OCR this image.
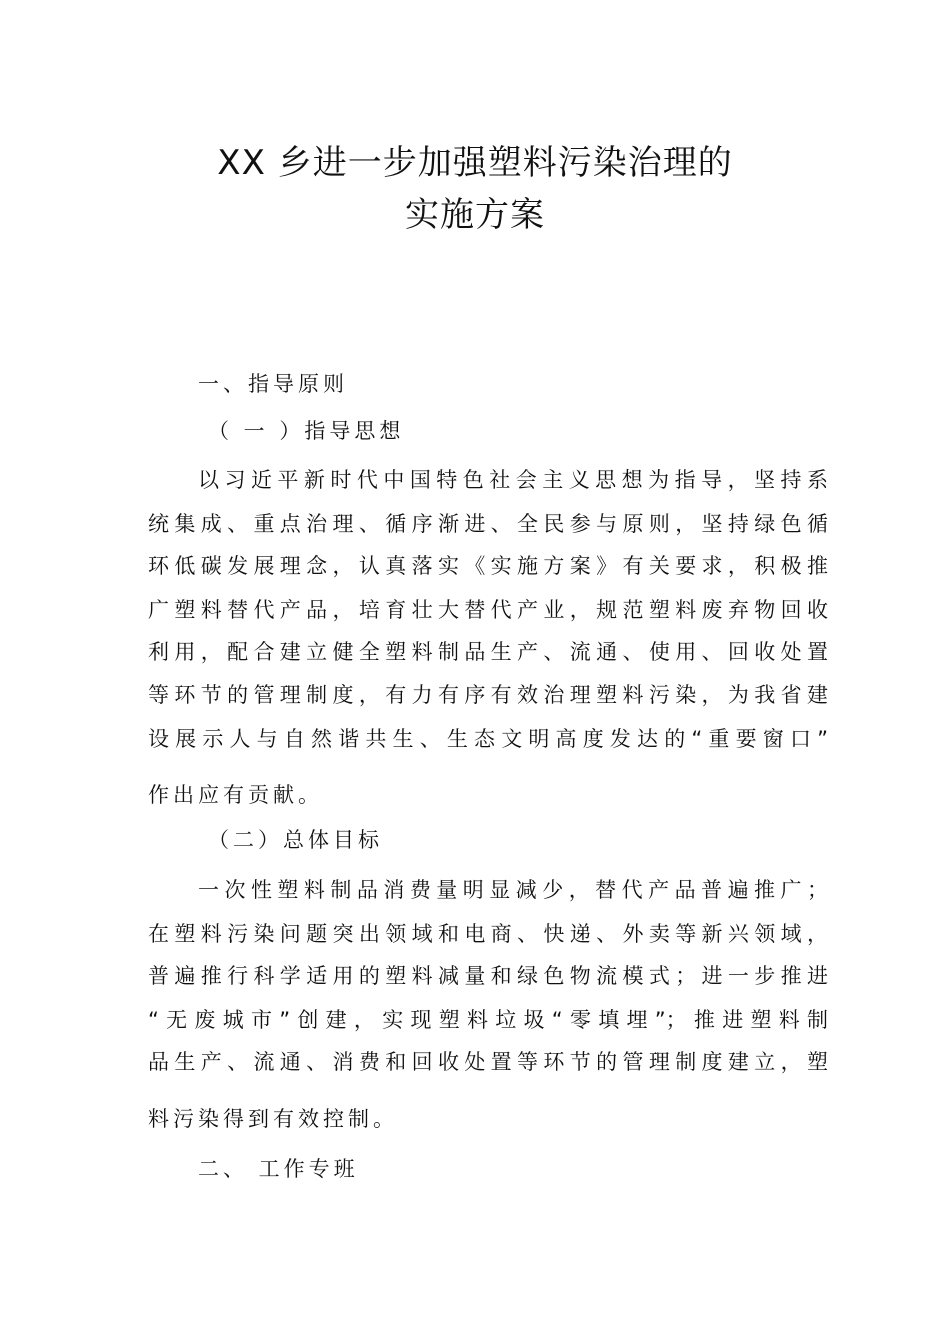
XX 乡进一步加强塑料污染治理的
实施方案
一、指导原则
（ 一 ）指导思想
以习近平新时代中国特色社会主义思想为指导，坚持系
统集成、重点治理、循序渐进、全民参与原则，坚持绿色循
环低碳发展理念，认真落实《实施方案》有关要求，积极推
广塑料替代产品，培育壮大替代产业，规范塑料废弃物回收
利用，配合建立健全塑料制品生产、流通、使用、回收处置
等环节的管理制度，有力有序有效治理塑料污染，为我省建
设展示人与自然谐共生、生态文明高度发达的“重要窗口”
作出应有贡献。
（二）总体目标
一次性塑料制品消费量明显减少，替代产品普遍推广；
在塑料污染问题突出领域和电商、快递、外卖等新兴领域，
普遍推行科学适用的塑料减量和绿色物流模式；进一步推进
“无废城市”创建，实现塑料垃圾“零填埋”；推进塑料制
品生产、流通、消费和回收处置等环节的管理制度建立，塑
料污染得到有效控制。
二、 工作专班
